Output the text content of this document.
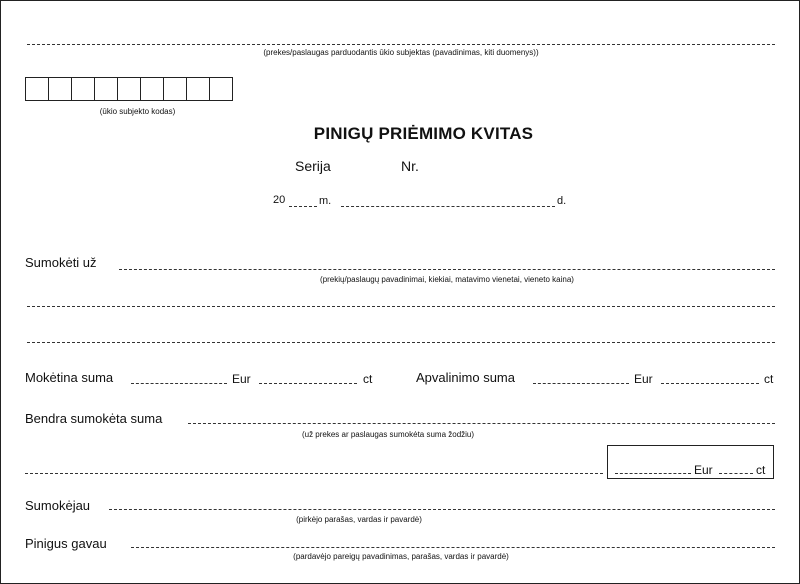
(prekes/paslaugas parduodantis ūkio subjektas (pavadinimas, kiti duomenys))
(ūkio subjekto kodas)
PINIGŲ PRIĖMIMO KVITAS
Serija	Nr.
20	m.	d.
Sumokėti už
(prekių/paslaugų pavadinimai, kiekiai, matavimo vienetai, vieneto kaina)
Mokėtina suma	Eur	ct	Apvalinimo suma	Eur	ct
Bendra sumokėta suma
(už prekes ar paslaugas sumokėta suma žodžiu)
Eur	ct
Sumokėjau
(pirkėjo parašas, vardas ir pavardė)
Pinigus gavau
(pardavėjo pareigų pavadinimas, parašas, vardas ir pavardė)
